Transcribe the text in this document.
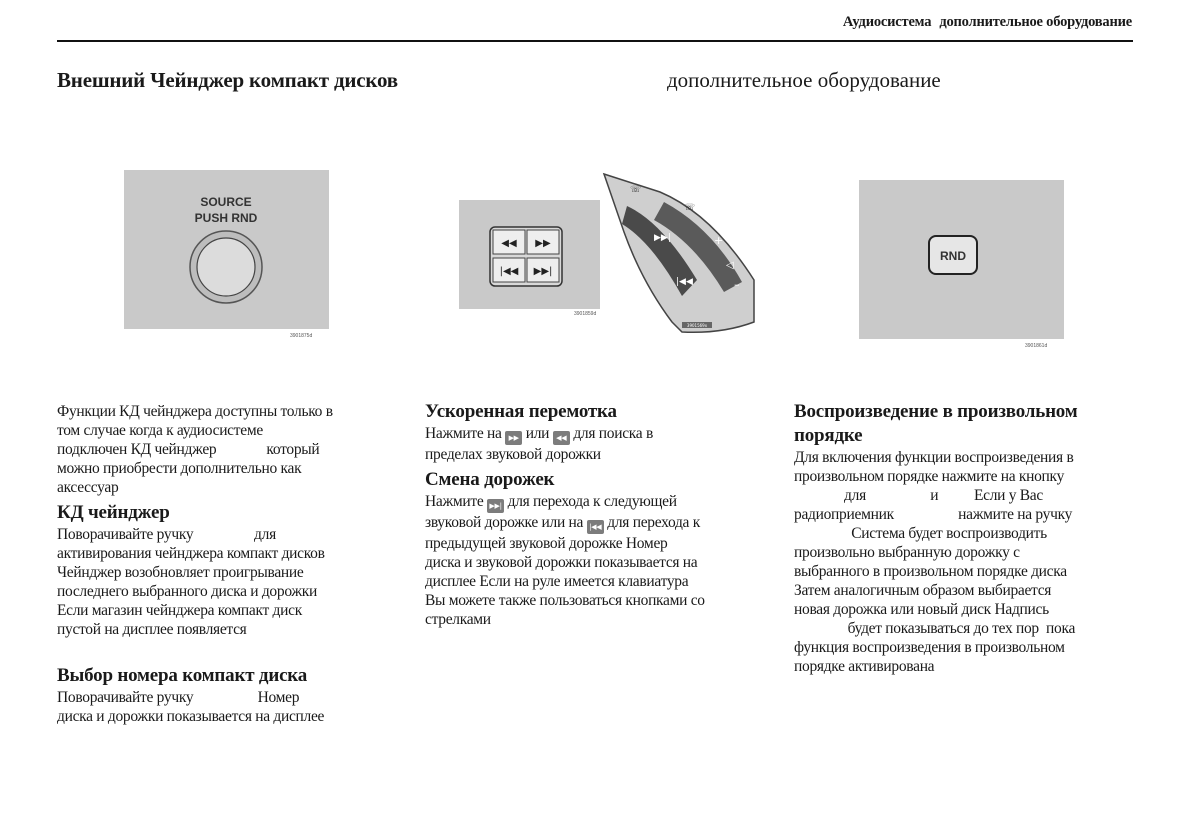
Аудиосистема дополнительное оборудование
Внешний Чейнджер компакт дисков	дополнительное оборудование
SOURCE
PUSH RND
3901875d
◀◀ ▶▶
|◀◀ ▶▶|
3901859d
▶▶|
|◀◀
+
◁
–
☏
☏
3901569x
RND
3901861d

Функции КД чейнджера доступны только в

том случае когда к аудиосистеме

подключен КД чейнджер              который

можно приобрести дополнительно как

аксессуар

КД чейнджер

Поворачивайте ручку                 для

активирования чейнджера компакт дисков

Чейнджер возобновляет проигрывание

последнего выбранного диска и дорожки

Если магазин чейнджера компакт диск

пустой на дисплее появляется

Выбор номера компакт диска

Поворачивайте ручку                  Номер

диска и дорожки показывается на дисплее

Ускоренная перемотка

Нажмите на ▶▶ или ◀◀ для поиска в

пределах звуковой дорожки

Смена дорожек

Нажмите ▶▶| для перехода к следующей

звуковой дорожке или на |◀◀ для перехода к

предыдущей звуковой дорожке Номер

диска и звуковой дорожки показывается на

дисплее Если на руле имеется клавиатура

Вы можете также пользоваться кнопками со

стрелками

Воспроизведение в произвольном

порядке

Для включения функции воспроизведения в

произвольном порядке нажмите на кнопку

для                  и          Если у Вас

радиоприемник                  нажмите на ручку

Система будет воспроизводить

произвольно выбранную дорожку с

выбранного в произвольном порядке диска

Затем аналогичным образом выбирается

новая дорожка или новый диск Надпись

будет показываться до тех пор  пока

функция воспроизведения в произвольном

порядке активирована
